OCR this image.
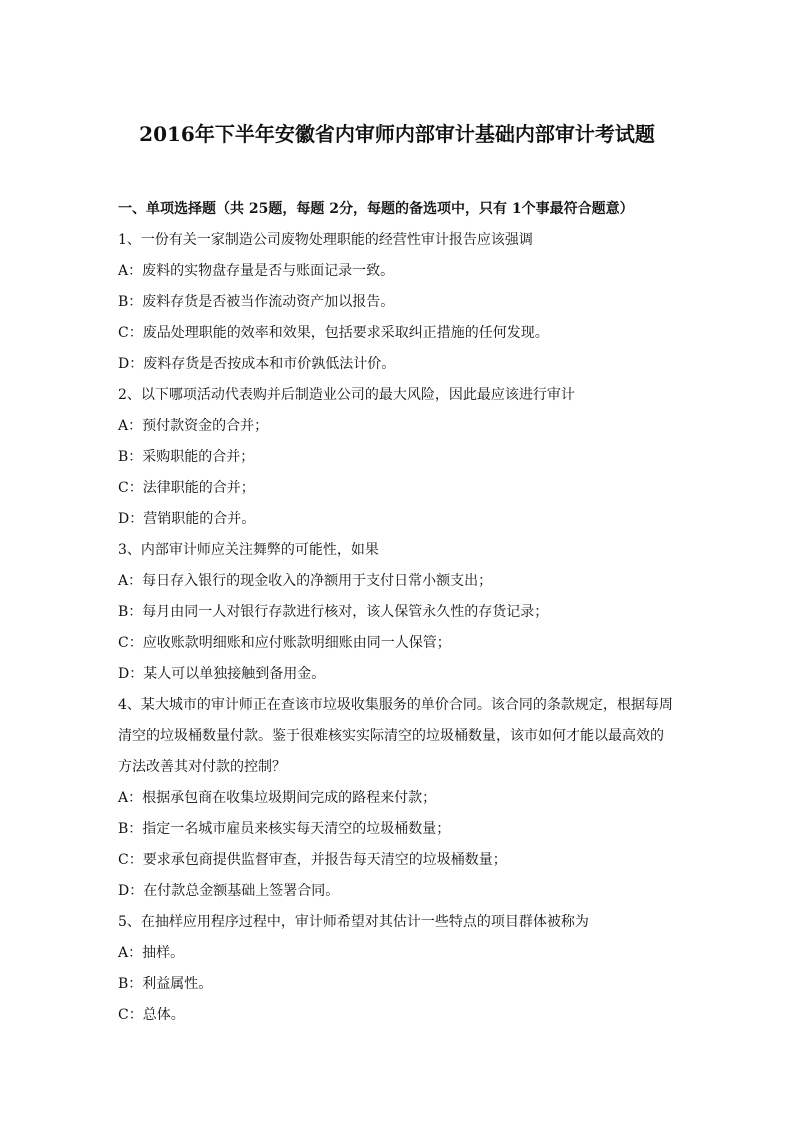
2016年下半年安徽省内审师内部审计基础内部审计考试题
一、单项选择题（共 25题，每题 2分，每题的备选项中，只有 1个事最符合题意）
1、一份有关一家制造公司废物处理职能的经营性审计报告应该强调
A：废料的实物盘存量是否与账面记录一致。
B：废料存货是否被当作流动资产加以报告。
C：废品处理职能的效率和效果，包括要求采取纠正措施的任何发现。
D：废料存货是否按成本和市价孰低法计价。
2、以下哪项活动代表购并后制造业公司的最大风险，因此最应该进行审计
A：预付款资金的合并；
B：采购职能的合并；
C：法律职能的合并；
D：营销职能的合并。
3、内部审计师应关注舞弊的可能性，如果
A：每日存入银行的现金收入的净额用于支付日常小额支出；
B：每月由同一人对银行存款进行核对，该人保管永久性的存货记录；
C：应收账款明细账和应付账款明细账由同一人保管；
D：某人可以单独接触到备用金。
4、某大城市的审计师正在查该市垃圾收集服务的单价合同。该合同的条款规定，根据每周
清空的垃圾桶数量付款。鉴于很难核实实际清空的垃圾桶数量，该市如何才能以最高效的
方法改善其对付款的控制？
A：根据承包商在收集垃圾期间完成的路程来付款；
B：指定一名城市雇员来核实每天清空的垃圾桶数量；
C：要求承包商提供监督审查，并报告每天清空的垃圾桶数量；
D：在付款总金额基础上签署合同。
5、在抽样应用程序过程中，审计师希望对其估计一些特点的项目群体被称为
A：抽样。
B：利益属性。
C：总体。
